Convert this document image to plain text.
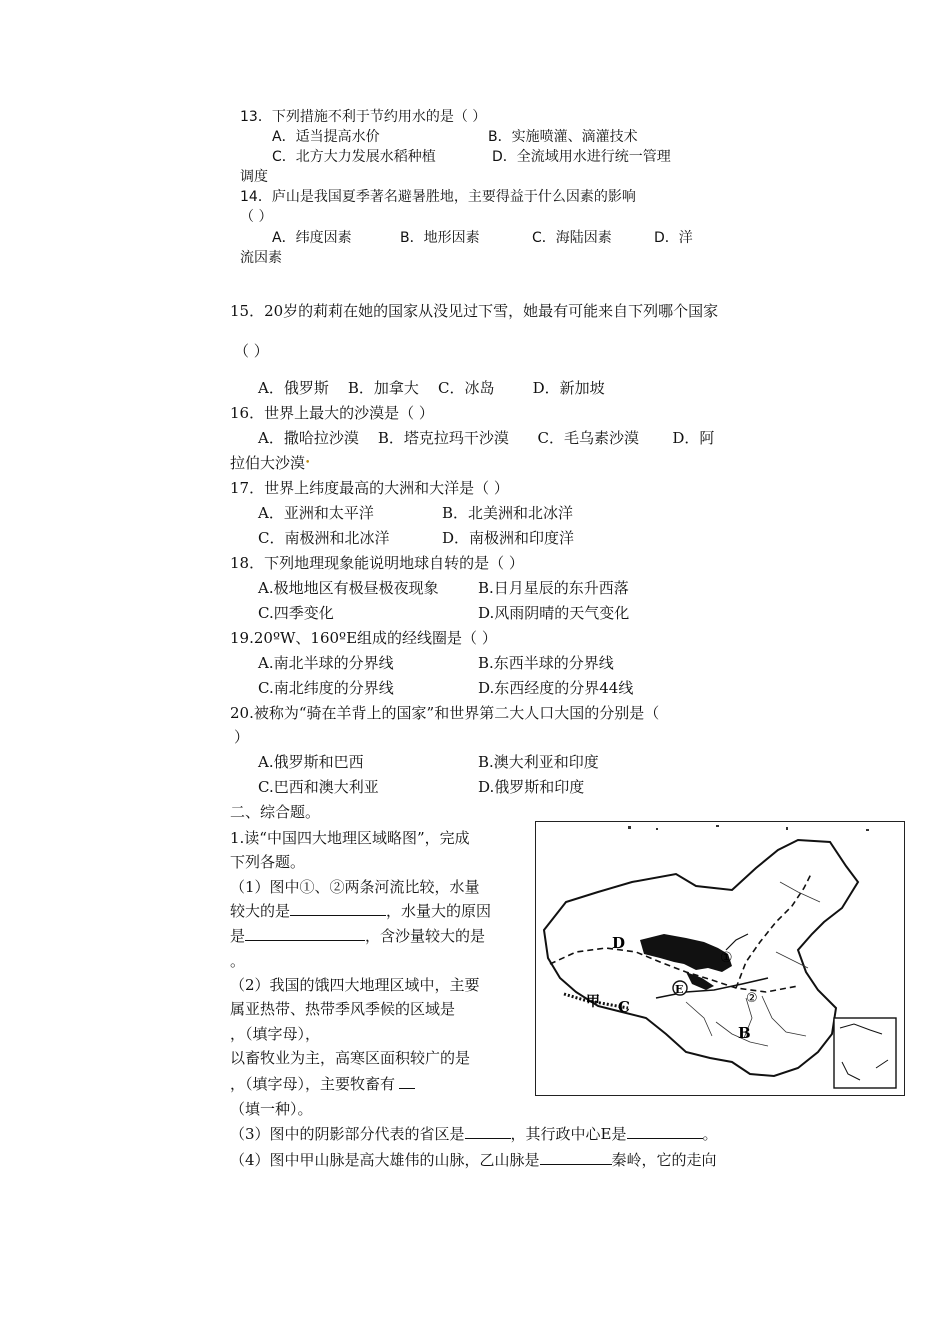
13．下列措施不利于节约用水的是（ ）
A．适当提高水价	B．实施喷灌、滴灌技术
C．北方大力发展水稻种植	D．全流域用水进行统一管理
调度
14．庐山是我国夏季著名避暑胜地，主要得益于什么因素的影响
（ ）
A．纬度因素	B．地形因素	C．海陆因素	D．洋
流因素
15．20岁的莉莉在她的国家从没见过下雪，她最有可能来自下列哪个国家
（ ）
A．俄罗斯    B．加拿大    C．冰岛        D．新加坡
16．世界上最大的沙漠是（ ）
A．撒哈拉沙漠    B．塔克拉玛干沙漠      C．毛乌素沙漠       D．阿
拉伯大沙漠•
17．世界上纬度最高的大洲和大洋是（ ）
A．亚洲和太平洋	B．北美洲和北冰洋
C．南极洲和北冰洋	D．南极洲和印度洋
18．下列地理现象能说明地球自转的是（ ）
A.极地地区有极昼极夜现象	B.日月星辰的东升西落
C.四季变化	D.风雨阴晴的天气变化
19.20ºW、160ºE组成的经线圈是（ ）
A.南北半球的分界线	B.东西半球的分界线
C.南北纬度的分界线	D.东西经度的分界44线
20.被称为“骑在羊背上的国家”和世界第二大人口大国的分别是（
）
A.俄罗斯和巴西	B.澳大利亚和印度
C.巴西和澳大利亚	D.俄罗斯和印度
二、综合题。
1.读“中国四大地理区域略图”，完成
下列各题。
（1）图中①、②两条河流比较，水量
较大的是	，水量大的原因
是	，含沙量较大的是
。
（2）我国的饿四大地理区域中，主要
属亚热带、热带季风季候的区域是
，（填字母），
以畜牧业为主，高寒区面积较广的是
，（填字母），主要牧畜有
（填一种）。
（3）图中的阴影部分代表的省区是	，其行政中心E是	。
（4）图中甲山脉是高大雄伟的山脉，乙山脉是	秦岭，它的走向
D
C
B
甲
E
①
②
